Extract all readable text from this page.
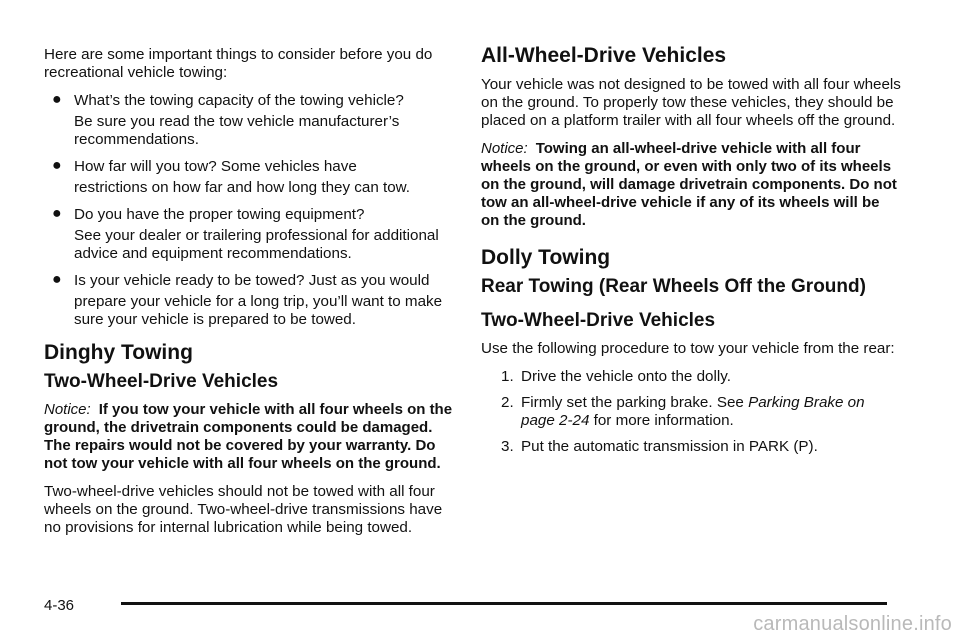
Here are some important things to consider before you do recreational vehicle towing:

● What’s the towing capacity of the towing vehicle?
Be sure you read the tow vehicle manufacturer’s recommendations.
● How far will you tow? Some vehicles have
restrictions on how far and how long they can tow.
● Do you have the proper towing equipment?
See your dealer or trailering professional for additional advice and equipment recommendations.
● Is your vehicle ready to be towed? Just as you would
prepare your vehicle for a long trip, you’ll want to make sure your vehicle is prepared to be towed.
Dinghy Towing
Two-Wheel-Drive Vehicles

Notice: If you tow your vehicle with all four wheels on the ground, the drivetrain components could be damaged. The repairs would not be covered by your warranty. Do not tow your vehicle with all four wheels on the ground.

Two-wheel-drive vehicles should not be towed with all four wheels on the ground. Two-wheel-drive transmissions have no provisions for internal lubrication while being towed.

All-Wheel-Drive Vehicles

Your vehicle was not designed to be towed with all four wheels on the ground. To properly tow these vehicles, they should be placed on a platform trailer with all four wheels off the ground.

Notice: Towing an all-wheel-drive vehicle with all four wheels on the ground, or even with only two of its wheels on the ground, will damage drivetrain components. Do not tow an all-wheel-drive vehicle if any of its wheels will be on the ground.

Dolly Towing
Rear Towing (Rear Wheels Off the Ground)
Two-Wheel-Drive Vehicles

Use the following procedure to tow your vehicle from the rear:

1. Drive the vehicle onto the dolly.
2. Firmly set the parking brake. See Parking Brake on page 2-24 for more information.
3. Put the automatic transmission in PARK (P).
4-36
carmanualsonline.info
